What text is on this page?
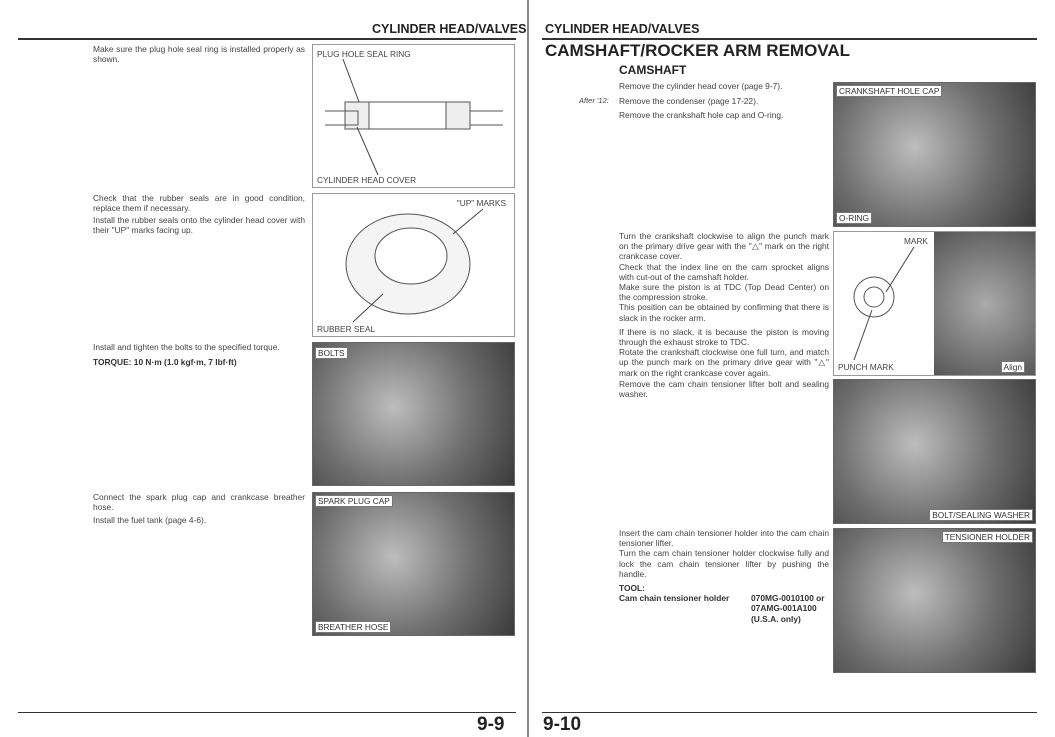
CYLINDER HEAD/VALVES
Make sure the plug hole seal ring is installed properly as shown.
Check that the rubber seals are in good condition, replace them if necessary.
Install the rubber seals onto the cylinder head cover with their "UP" marks facing up.
Install and tighten the bolts to the specified torque.
TORQUE: 10 N·m (1.0 kgf·m, 7 lbf·ft)
Connect the spark plug cap and crankcase breather hose.
Install the fuel tank (page 4-6).
PLUG HOLE SEAL RING
CYLINDER HEAD COVER
"UP" MARKS
RUBBER SEAL
BOLTS
SPARK PLUG CAP
BREATHER HOSE
9-9
CYLINDER HEAD/VALVES
CAMSHAFT/ROCKER ARM REMOVAL
CAMSHAFT
Remove the cylinder head cover (page 9-7).
After '12: Remove the condenser (page 17-22).
Remove the crankshaft hole cap and O-ring.
Turn the crankshaft clockwise to align the punch mark on the primary drive gear with the "△" mark on the right crankcase cover.
Check that the index line on the cam sprocket aligns with cut-out of the camshaft holder.
Make sure the piston is at TDC (Top Dead Center) on the compression stroke.
This position can be obtained by confirming that there is slack in the rocker arm.
If there is no slack, it is because the piston is moving through the exhaust stroke to TDC.
Rotate the crankshaft clockwise one full turn, and match up the punch mark on the primary drive gear with "△" mark on the right crankcase cover again.
Remove the cam chain tensioner lifter bolt and sealing washer.
Insert the cam chain tensioner holder into the cam chain tensioner lifter.
Turn the cam chain tensioner holder clockwise fully and lock the cam chain tensioner lifter by pushing the handle.
TOOL:
Cam chain tensioner holder	070MG-0010100 or 07AMG-001A100 (U.S.A. only)
CRANKSHAFT HOLE CAP
O-RING
MARK
PUNCH MARK	Align
BOLT/SEALING WASHER
TENSIONER HOLDER
9-10
